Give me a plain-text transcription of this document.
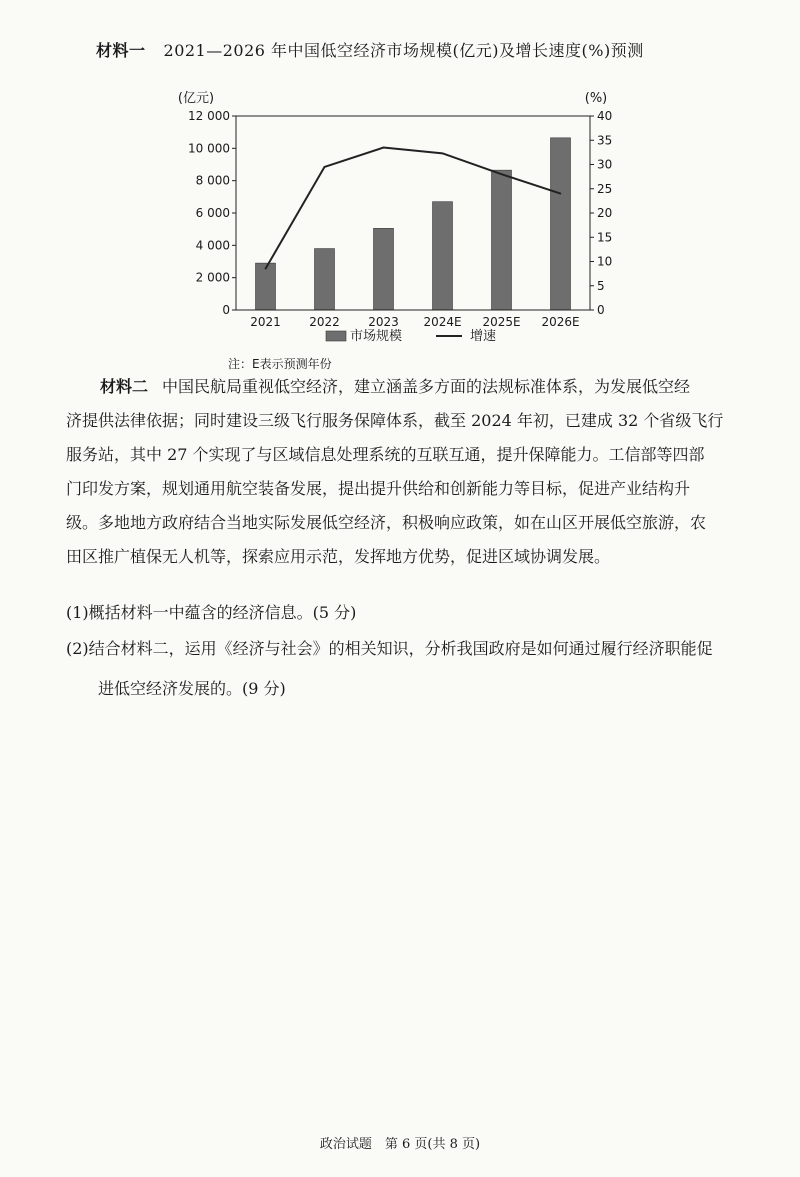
材料一 2021—2026 年中国低空经济市场规模(亿元)及增长速度(%)预测
0
2 000
4 000
6 000
8 000
10 000
12 000
0
5
10
15
20
25
30
35
40
2021 2022 2023 2024E 2025E 2026E
(亿元)	(%)
市场规模	增速
注：E表示预测年份
材料二 中国民航局重视低空经济，建立涵盖多方面的法规标准体系，为发展低空经
济提供法律依据；同时建设三级飞行服务保障体系，截至 2024 年初，已建成 32 个省级飞行
服务站，其中 27 个实现了与区域信息处理系统的互联互通，提升保障能力。工信部等四部
门印发方案，规划通用航空装备发展，提出提升供给和创新能力等目标，促进产业结构升
级。多地地方政府结合当地实际发展低空经济，积极响应政策，如在山区开展低空旅游，农
田区推广植保无人机等，探索应用示范，发挥地方优势，促进区域协调发展。
(1)概括材料一中蕴含的经济信息。(5 分)
(2)结合材料二，运用《经济与社会》的相关知识，分析我国政府是如何通过履行经济职能促
进低空经济发展的。(9 分)
政治试题　第 6 页(共 8 页)
